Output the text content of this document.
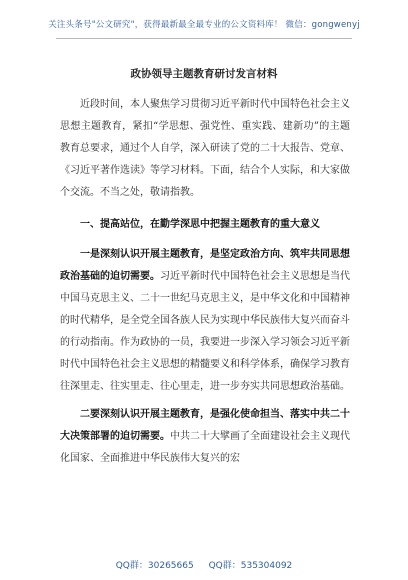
关注头条号"公文研究"，获得最新最全最专业的公文资料库！ 微信：gongwenyj
政协领导主题教育研讨发言材料

近段时间，本人聚焦学习贯彻习近平新时代中国特色社会主义思想主题教育，紧扣“学思想、强党性、重实践、建新功”的主题教育总要求，通过个人自学，深入研读了党的二十大报告、党章、《习近平著作选读》等学习材料。下面，结合个人实际，和大家做个交流。不当之处，敬请指教。

一、提高站位，在勤学深思中把握主题教育的重大意义

一是深刻认识开展主题教育，是坚定政治方向、筑牢共同思想政治基础的迫切需要。习近平新时代中国特色社会主义思想是当代中国马克思主义、二十一世纪马克思主义，是中华文化和中国精神的时代精华，是全党全国各族人民为实现中华民族伟大复兴而奋斗的行动指南。作为政协的一员，我要进一步深入学习领会习近平新时代中国特色社会主义思想的精髓要义和科学体系，确保学习教育往深里走、往实里走、往心里走，进一步夯实共同思想政治基础。

二要深刻认识开展主题教育，是强化使命担当、落实中共二十大决策部署的迫切需要。中共二十大擘画了全面建设社会主义现代化国家、全面推进中华民族伟大复兴的宏

QQ群：30265665 QQ群：535304092
